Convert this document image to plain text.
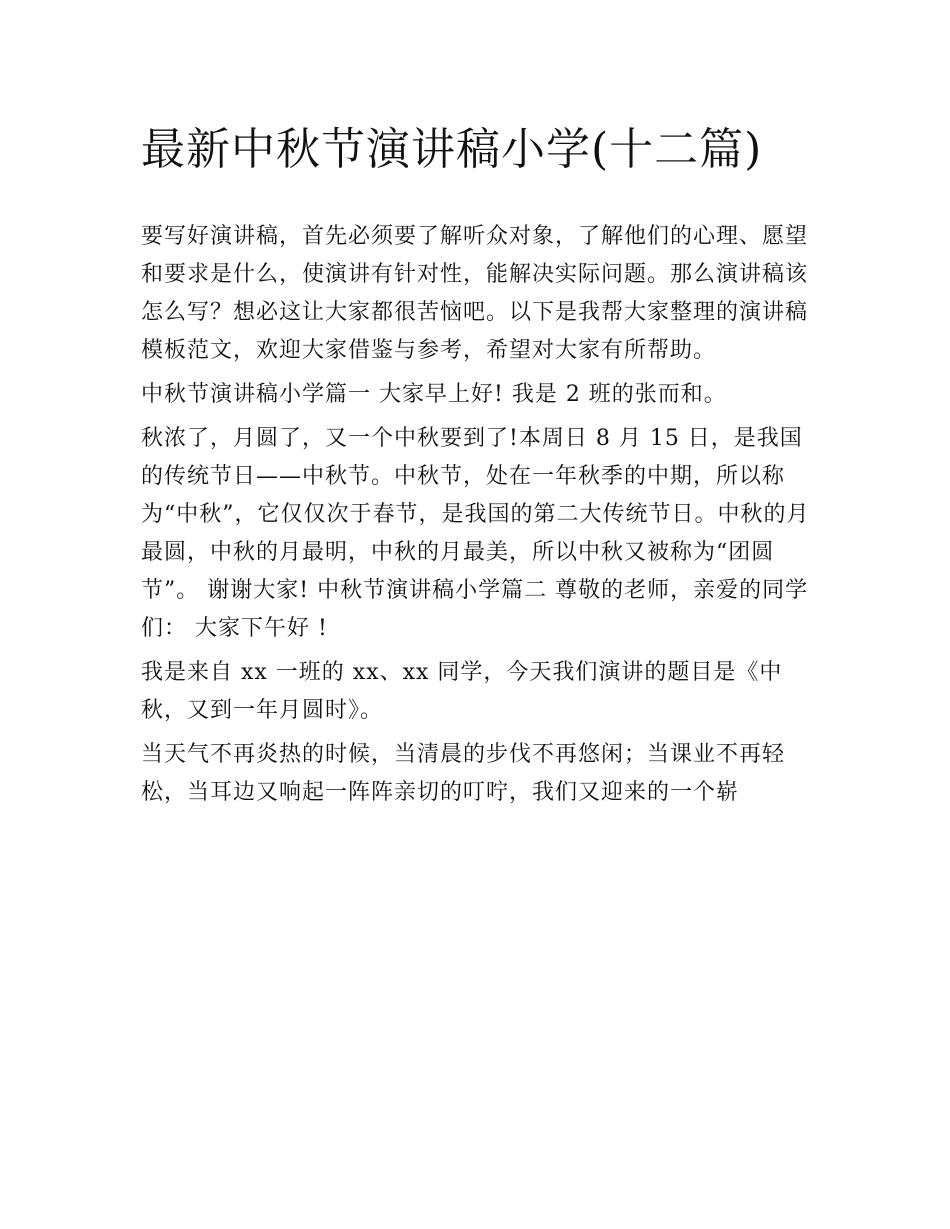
最新中秋节演讲稿小学(十二篇)

要写好演讲稿，首先必须要了解听众对象，了解他们的心理、愿望和要求是什么，使演讲有针对性，能解决实际问题。那么演讲稿该怎么写？想必这让大家都很苦恼吧。以下是我帮大家整理的演讲稿模板范文，欢迎大家借鉴与参考，希望对大家有所帮助。

中秋节演讲稿小学篇一 大家早上好! 我是 2 班的张而和。

秋浓了，月圆了，又一个中秋要到了!本周日 8 月 15 日，是我国的传统节日——中秋节。中秋节，处在一年秋季的中期，所以称为“中秋”，它仅仅次于春节，是我国的第二大传统节日。中秋的月最圆，中秋的月最明，中秋的月最美，所以中秋又被称为“团圆节”。 谢谢大家! 中秋节演讲稿小学篇二 尊敬的老师，亲爱的同学们： 大家下午好 !

我是来自 xx 一班的 xx、xx 同学，今天我们演讲的题目是《中秋，又到一年月圆时》。

当天气不再炎热的时候，当清晨的步伐不再悠闲；当课业不再轻松，当耳边又响起一阵阵亲切的叮咛，我们又迎来的一个崭
